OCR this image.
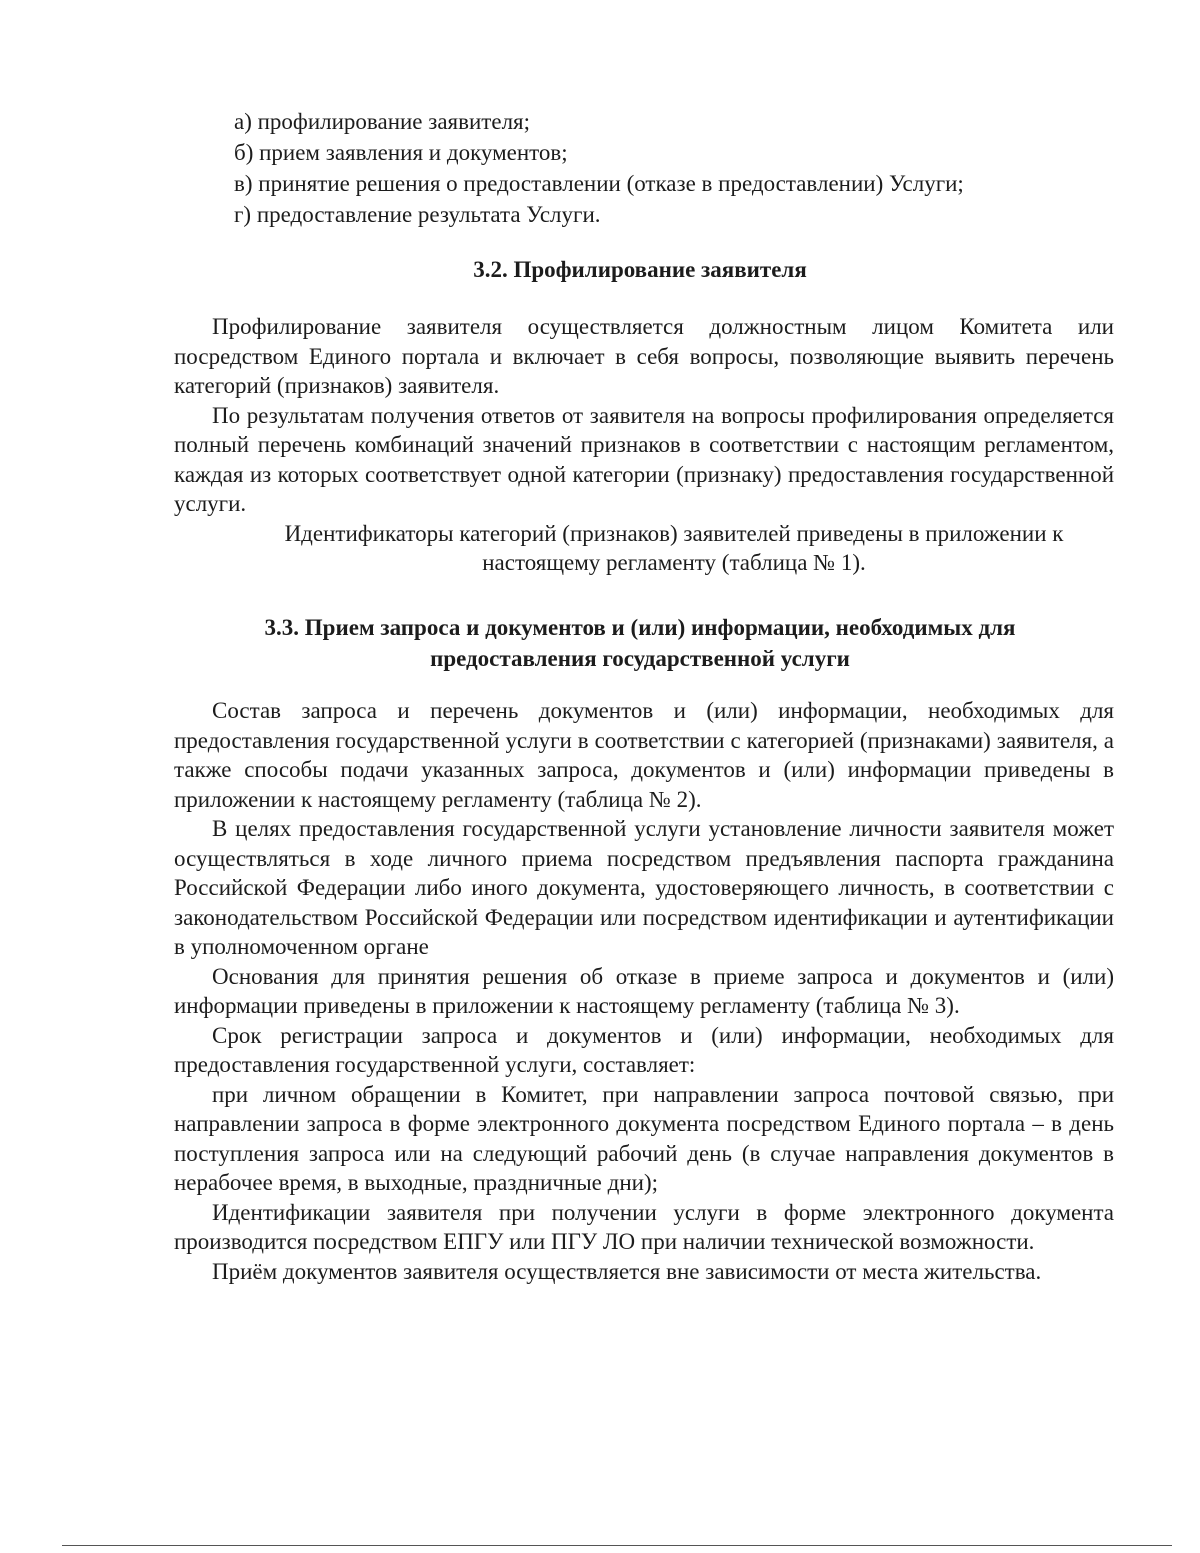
а) профилирование заявителя;
б) прием заявления и документов;
в) принятие решения о предоставлении (отказе в предоставлении) Услуги;
г) предоставление результата Услуги.
3.2. Профилирование заявителя

Профилирование заявителя осуществляется должностным лицом Комитета или посредством Единого портала и включает в себя вопросы, позволяющие выявить перечень категорий (признаков) заявителя.

По результатам получения ответов от заявителя на вопросы профилирования определяется полный перечень комбинаций значений признаков в соответствии с настоящим регламентом, каждая из которых соответствует одной категории (признаку) предоставления государственной услуги.

Идентификаторы категорий (признаков) заявителей приведены в приложении к настоящему регламенту (таблица № 1).

3.3. Прием запроса и документов и (или) информации, необходимых для
предоставления государственной услуги

Состав запроса и перечень документов и (или) информации, необходимых для предоставления государственной услуги в соответствии с категорией (признаками) заявителя, а также способы подачи указанных запроса, документов и (или) информации приведены в приложении к настоящему регламенту (таблица № 2).

В целях предоставления государственной услуги установление личности заявителя может осуществляться в ходе личного приема посредством предъявления паспорта гражданина Российской Федерации либо иного документа, удостоверяющего личность, в соответствии с законодательством Российской Федерации или посредством идентификации и аутентификации в уполномоченном органе

Основания для принятия решения об отказе в приеме запроса и документов и (или) информации приведены в приложении к настоящему регламенту (таблица № 3).

Срок регистрации запроса и документов и (или) информации, необходимых для предоставления государственной услуги, составляет:

при личном обращении в Комитет, при направлении запроса почтовой связью, при направлении запроса в форме электронного документа посредством Единого портала – в день поступления запроса или на следующий рабочий день (в случае направления документов в нерабочее время, в выходные, праздничные дни);

Идентификации заявителя при получении услуги в форме электронного документа производится посредством ЕПГУ или ПГУ ЛО при наличии технической возможности.

Приём документов заявителя осуществляется вне зависимости от места жительства.
